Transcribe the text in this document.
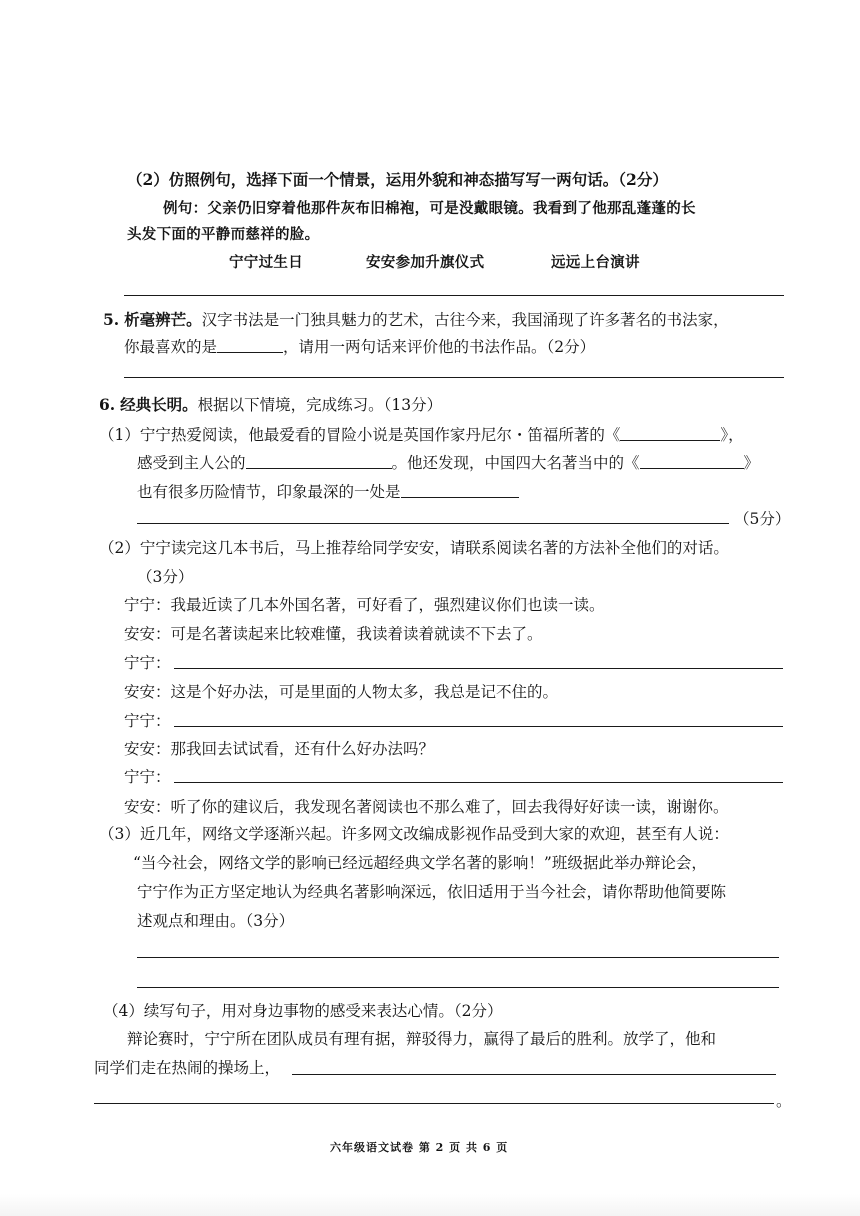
（2）仿照例句，选择下面一个情景，运用外貌和神态描写写一两句话。（2分）
例句：父亲仍旧穿着他那件灰布旧棉袍，可是没戴眼镜。我看到了他那乱蓬蓬的长
头发下面的平静而慈祥的脸。
宁宁过生日	安安参加升旗仪式	远远上台演讲
5. 析毫辨芒。汉字书法是一门独具魅力的艺术，古往今来，我国涌现了许多著名的书法家，
你最喜欢的是	，请用一两句话来评价他的书法作品。（2分）
6. 经典长明。根据以下情境，完成练习。（13分）
（1）宁宁热爱阅读，他最爱看的冒险小说是英国作家丹尼尔・笛福所著的《	》，
感受到主人公的	。他还发现，中国四大名著当中的《	》
也有很多历险情节，印象最深的一处是
（5分）
（2）宁宁读完这几本书后，马上推荐给同学安安，请联系阅读名著的方法补全他们的对话。
（3分）
宁宁：我最近读了几本外国名著，可好看了，强烈建议你们也读一读。
安安：可是名著读起来比较难懂，我读着读着就读不下去了。
宁宁：
安安：这是个好办法，可是里面的人物太多，我总是记不住的。
宁宁：
安安：那我回去试试看，还有什么好办法吗？
宁宁：
安安：听了你的建议后，我发现名著阅读也不那么难了，回去我得好好读一读，谢谢你。
（3）近几年，网络文学逐渐兴起。许多网文改编成影视作品受到大家的欢迎，甚至有人说：
“当今社会，网络文学的影响已经远超经典文学名著的影响！”班级据此举办辩论会，
宁宁作为正方坚定地认为经典名著影响深远，依旧适用于当今社会，请你帮助他简要陈
述观点和理由。（3分）
（4）续写句子，用对身边事物的感受来表达心情。（2分）
辩论赛时，宁宁所在团队成员有理有据，辩驳得力，赢得了最后的胜利。放学了，他和
同学们走在热闹的操场上，
。
六年级语文试卷 第 2 页 共 6 页
